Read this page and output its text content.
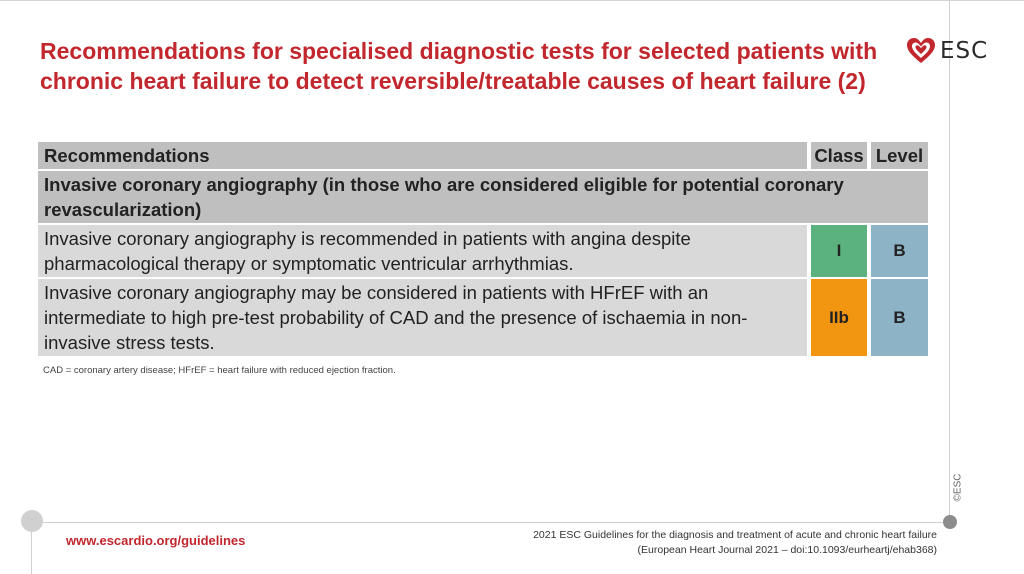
Recommendations for specialised diagnostic tests for selected patients with chronic heart failure to detect reversible/treatable causes of heart failure (2)
ESC
Recommendations	Class Level
Invasive coronary angiography (in those who are considered eligible for potential coronary revascularization)
Invasive coronary angiography is recommended in patients with angina despite pharmacological therapy or symptomatic ventricular arrhythmias.
I	B
Invasive coronary angiography may be considered in patients with HFrEF with an intermediate to high pre-test probability of CAD and the presence of ischaemia in non-invasive stress tests.
IIb	B
CAD = coronary artery disease; HFrEF = heart failure with reduced ejection fraction.
©ESC
www.escardio.org/guidelines	2021 ESC Guidelines for the diagnosis and treatment of acute and chronic heart failure
(European Heart Journal 2021 – doi:10.1093/eurheartj/ehab368)
